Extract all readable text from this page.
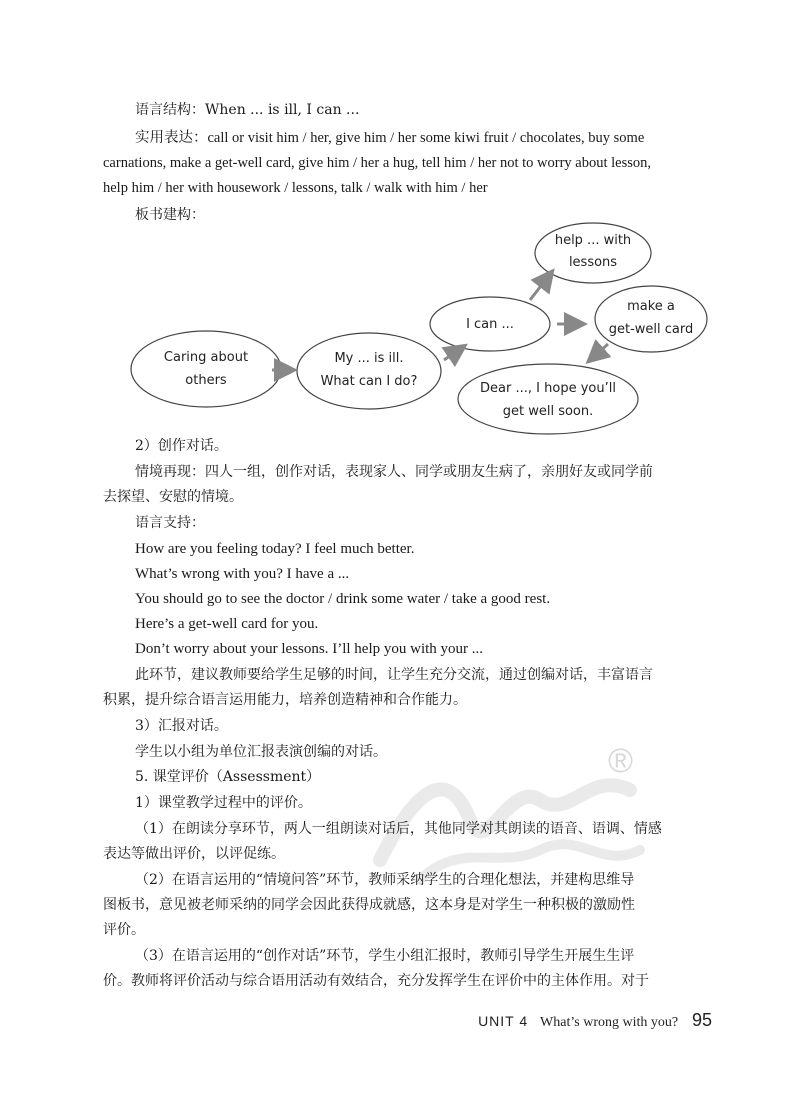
语言结构：When ... is ill, I can ...

实用表达：call or visit him / her, give him / her some kiwi fruit / chocolates, buy some

carnations, make a get-well card, give him / her a hug, tell him / her not to worry about lesson,

help him / her with housework / lessons, talk / walk with him / her

板书建构：

Caring about
others
My ... is ill.
What can I do?
I can ...
help ... with
lessons
make a
get-well card
Dear ..., I hope you’ll
get well soon.

2）创作对话。

情境再现：四人一组，创作对话，表现家人、同学或朋友生病了，亲朋好友或同学前

去探望、安慰的情境。

语言支持：

How are you feeling today? I feel much better.

What’s wrong with you? I have a ...

You should go to see the doctor / drink some water / take a good rest.

Here’s a get-well card for you.

Don’t worry about your lessons. I’ll help you with your ...

此环节，建议教师要给学生足够的时间，让学生充分交流，通过创编对话，丰富语言

积累，提升综合语言运用能力，培养创造精神和合作能力。

3）汇报对话。

学生以小组为单位汇报表演创编的对话。

5. 课堂评价（Assessment）

1）课堂教学过程中的评价。

（1）在朗读分享环节，两人一组朗读对话后，其他同学对其朗读的语音、语调、情感

表达等做出评价，以评促练。

（2）在语言运用的“情境问答”环节，教师采纳学生的合理化想法，并建构思维导

图板书，意见被老师采纳的同学会因此获得成就感，这本身是对学生一种积极的激励性

评价。

（3）在语言运用的“创作对话”环节，学生小组汇报时，教师引导学生开展生生评

价。教师将评价活动与综合语用活动有效结合，充分发挥学生在评价中的主体作用。对于

®
UNIT 4 What’s wrong with you? 95
